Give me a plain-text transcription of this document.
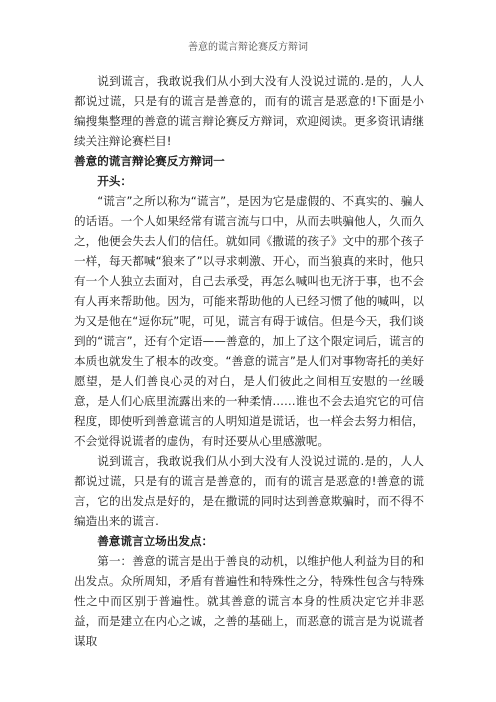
善意的谎言辩论赛反方辩词

说到谎言，我敢说我们从小到大没有人没说过谎的.是的，人人都说过谎，只是有的谎言是善意的，而有的谎言是恶意的!下面是小编搜集整理的善意的谎言辩论赛反方辩词，欢迎阅读。更多资讯请继续关注辩论赛栏目!

善意的谎言辩论赛反方辩词一

开头：

“谎言”之所以称为“谎言”，是因为它是虚假的、不真实的、骗人的话语。一个人如果经常有谎言流与口中，从而去哄骗他人，久而久之，他便会失去人们的信任。就如同《撒谎的孩子》文中的那个孩子一样，每天都喊“狼来了”以寻求刺激、开心，而当狼真的来时，他只有一个人独立去面对，自己去承受，再怎么喊叫也无济于事，也不会有人再来帮助他。因为，可能来帮助他的人已经习惯了他的喊叫，以为又是他在“逗你玩”呢，可见，谎言有碍于诚信。但是今天，我们谈到的“谎言”，还有个定语——善意的，加上了这个限定词后，谎言的本质也就发生了根本的改变。“善意的谎言”是人们对事物寄托的美好愿望，是人们善良心灵的对白，是人们彼此之间相互安慰的一丝暖意，是人们心底里流露出来的一种柔情……谁也不会去追究它的可信程度，即使听到善意谎言的人明知道是谎话，也一样会去努力相信，不会觉得说谎者的虚伪，有时还要从心里感激呢。

说到谎言，我敢说我们从小到大没有人没说过谎的.是的，人人都说过谎，只是有的谎言是善意的，而有的谎言是恶意的!善意的谎言，它的出发点是好的，是在撒谎的同时达到善意欺骗时，而不得不编造出来的谎言.

善意谎言立场出发点：

第一：善意的谎言是出于善良的动机，以维护他人利益为目的和出发点。众所周知，矛盾有普遍性和特殊性之分，特殊性包含与特殊性之中而区别于普遍性。就其善意的谎言本身的性质决定它并非恶益，而是建立在内心之诚，之善的基础上，而恶意的谎言是为说谎者谋取
